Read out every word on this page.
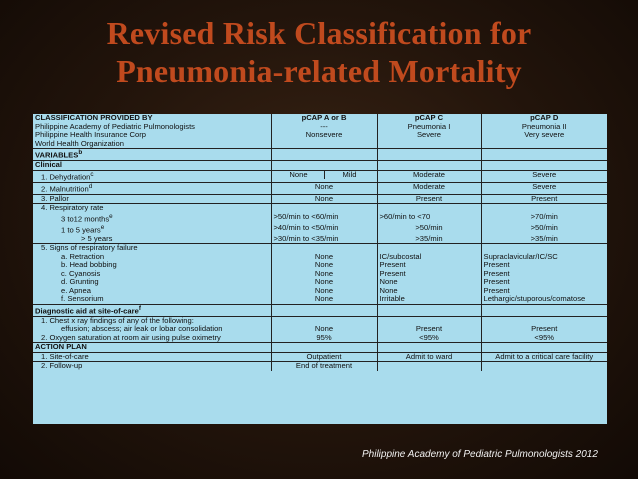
Revised Risk Classification for
Pneumonia-related Mortality
CLASSIFICATION PROVIDED BY	pCAP A or B	pCAP C	pCAP D
Philippine Academy of Pediatric Pulmonologists	---	Pneumonia I	Pneumonia II
Philippine Health Insurance Corp	Nonsevere	Severe	Very severe
World Health Organization			
VARIABLES$^b$			
Clinical			
1. Dehydration$^c$	None Mild	Moderate	Severe
2. Malnutrition$^d$	None	Moderate	Severe
3. Pallor	None	Present	Present
4. Respiratory rate			
3 to12 months$^e$	>50/min to <60/min	>60/min to <70	>70/min
1 to 5 years$^e$	>40/min to <50/min	>50/min	>50/min
> 5 years	>30/min to <35/min	>35/min	>35/min
5. Signs of respiratory failure			
a. Retraction	None	IC/subcostal	Supraclavicular/IC/SC
b. Head bobbing	None	Present	Present
c. Cyanosis	None	Present	Present
d. Grunting	None	None	Present
e. Apnea	None	None	Present
f. Sensorium	None	Irritable	Lethargic/stuporous/comatose
Diagnostic aid at site-of-care$^f$			
1. Chest x ray findings of any of the following:			
effusion; abscess; air leak or lobar consolidation	None	Present	Present
2. Oxygen saturation at room air using pulse oximetry	95%	<95%	<95%
ACTION PLAN			
1. Site-of-care	Outpatient	Admit to ward	Admit to a critical care facility
2. Follow-up	End of treatment		
Philippine Academy of Pediatric Pulmonologists 2012
